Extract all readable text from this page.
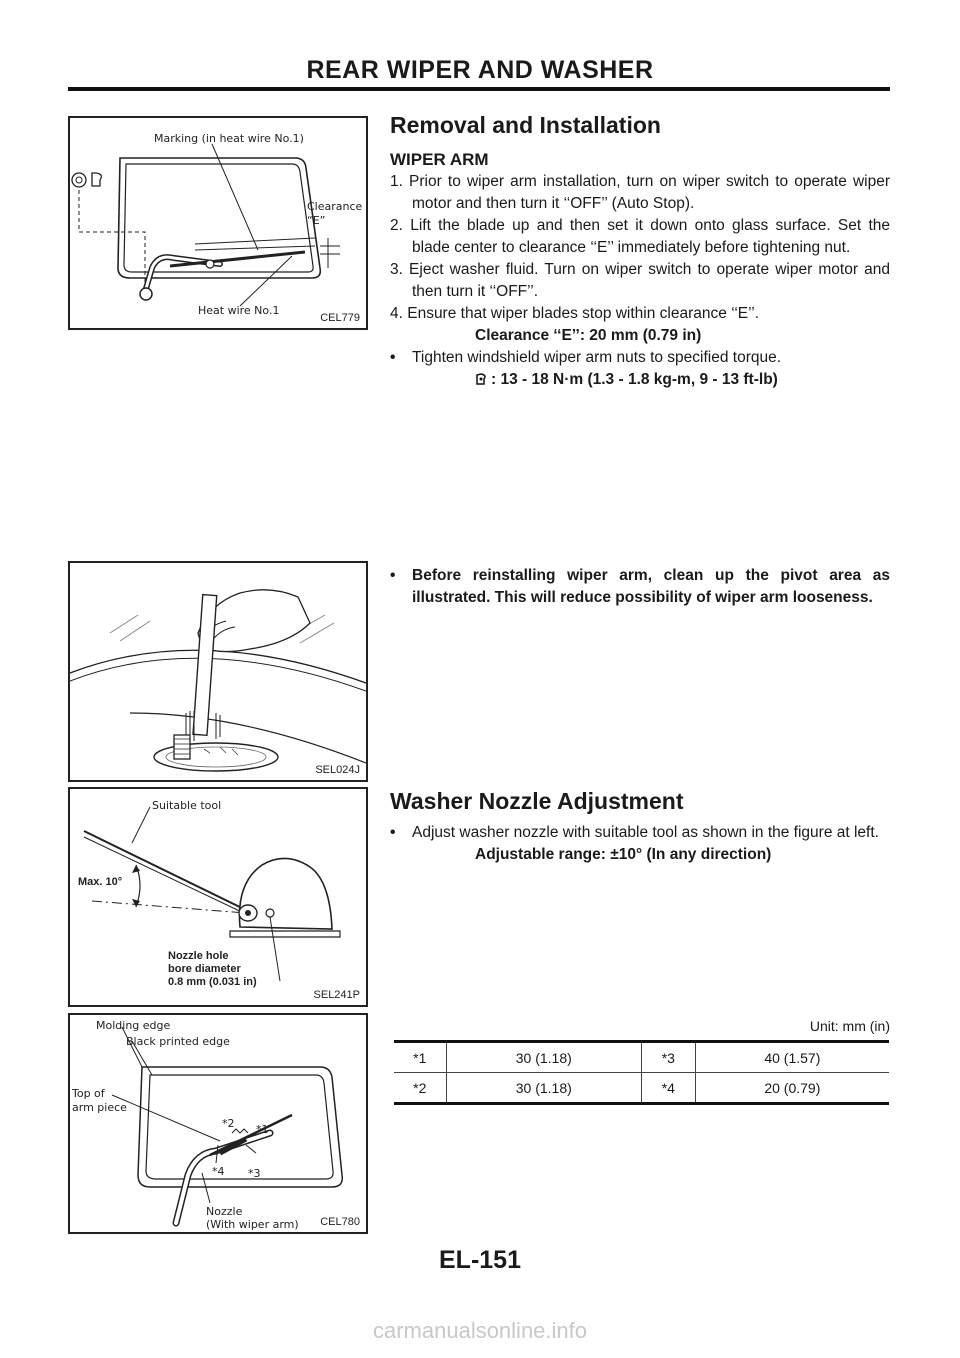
REAR WIPER AND WASHER
Marking (in heat wire No.1)
Clearance
“E”
Heat wire No.1
CEL779
SEL024J
Suitable tool
Max. 10°
Nozzle hole
bore diameter
0.8 mm (0.031 in)
SEL241P
Molding edge
Black printed edge
Top of
arm piece
*2 *1
*4 *3
Nozzle
(With wiper arm) CEL780
Removal and Installation
WIPER ARM
1. Prior to wiper arm installation, turn on wiper switch to operate wiper motor and then turn it ‘‘OFF’’ (Auto Stop).
2. Lift the blade up and then set it down onto glass surface. Set the blade center to clearance ‘‘E’’ immediately before tightening nut.
3. Eject washer fluid. Turn on wiper switch to operate wiper motor and then turn it ‘‘OFF’’.
4. Ensure that wiper blades stop within clearance ‘‘E’’.
Clearance ‘‘E’’: 20 mm (0.79 in)
• Tighten windshield wiper arm nuts to specified torque.
: 13 - 18 N·m (1.3 - 1.8 kg-m, 9 - 13 ft-lb)
• Before reinstalling wiper arm, clean up the pivot area as illustrated. This will reduce possibility of wiper arm looseness.
Washer Nozzle Adjustment
• Adjust washer nozzle with suitable tool as shown in the figure at left.
Adjustable range: ±10° (In any direction)
Unit: mm (in)
*1	30 (1.18)	*3	40 (1.57)
*2	30 (1.18)	*4	20 (0.79)
EL-151
carmanualsonline.info
